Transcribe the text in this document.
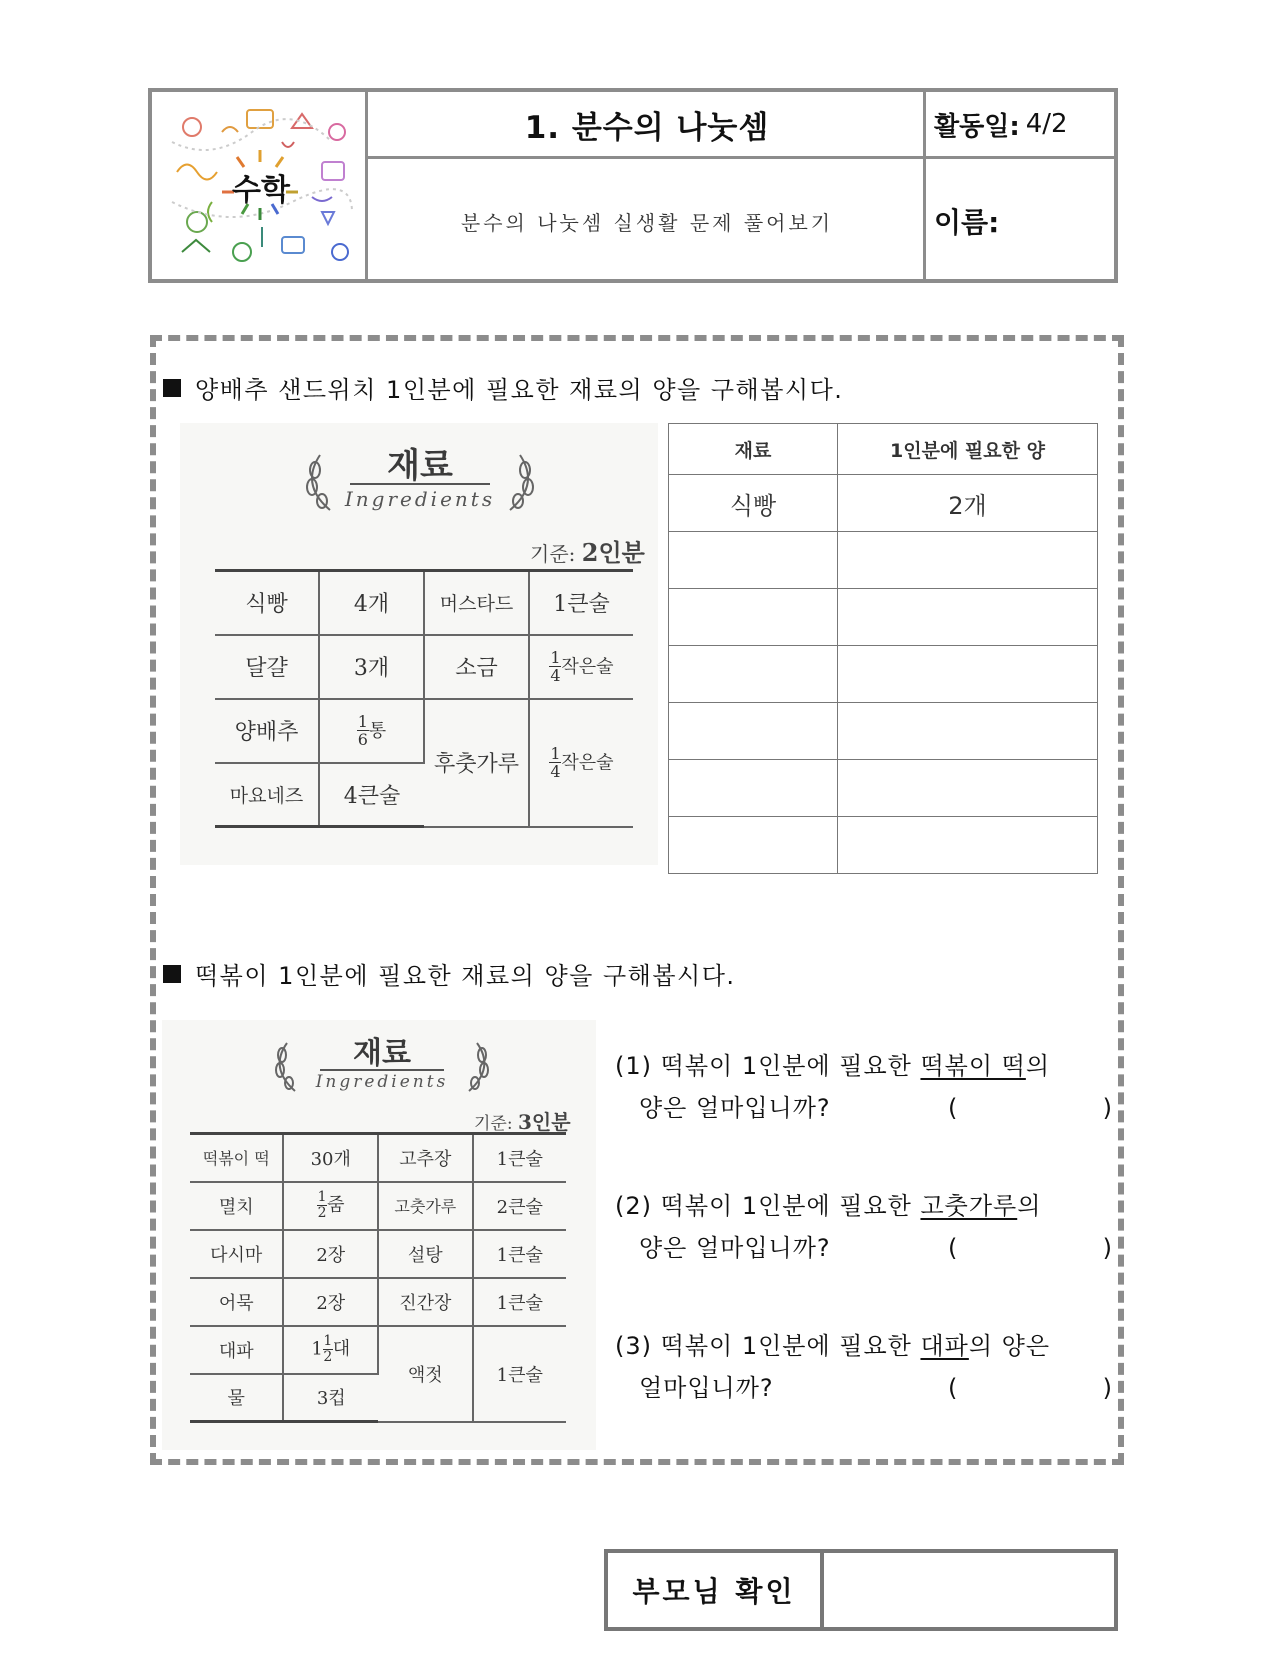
수학
1. 분수의 나눗셈
분수의 나눗셈 실생활 문제 풀어보기
활동일: 4/2
이름:
양배추 샌드위치 1인분에 필요한 재료의 양을 구해봅시다.
재료
Ingredients
기준: 2인분
식빵	4개	머스타드	1큰술
달걀	3개	소금	$\frac{1}{4}$ 작은술
양배추	$\frac{1}{6}$ 통	후춧가루	$\frac{1}{4}$ 작은술
마요네즈	4큰술		
재료	1인분에 필요한 양
식빵	2개

떡볶이 1인분에 필요한 재료의 양을 구해봅시다.
재료
Ingredients
기준: 3인분
떡볶이 떡	30개	고추장	1큰술
멸치	$\frac{1}{2}$ 줌	고춧가루	2큰술
다시마	2장	설탕	1큰술
어묵	2장	진간장	1큰술
대파	$1 \frac{1}{2}$ 대	액젓	1큰술
물	3컵		
(1) 떡볶이 1인분에 필요한 떡볶이 떡의
양은 얼마입니까?	(	)
(2) 떡볶이 1인분에 필요한 고춧가루의
양은 얼마입니까?	(	)
(3) 떡볶이 1인분에 필요한 대파의 양은
얼마입니까?	(	)
부모님 확인
